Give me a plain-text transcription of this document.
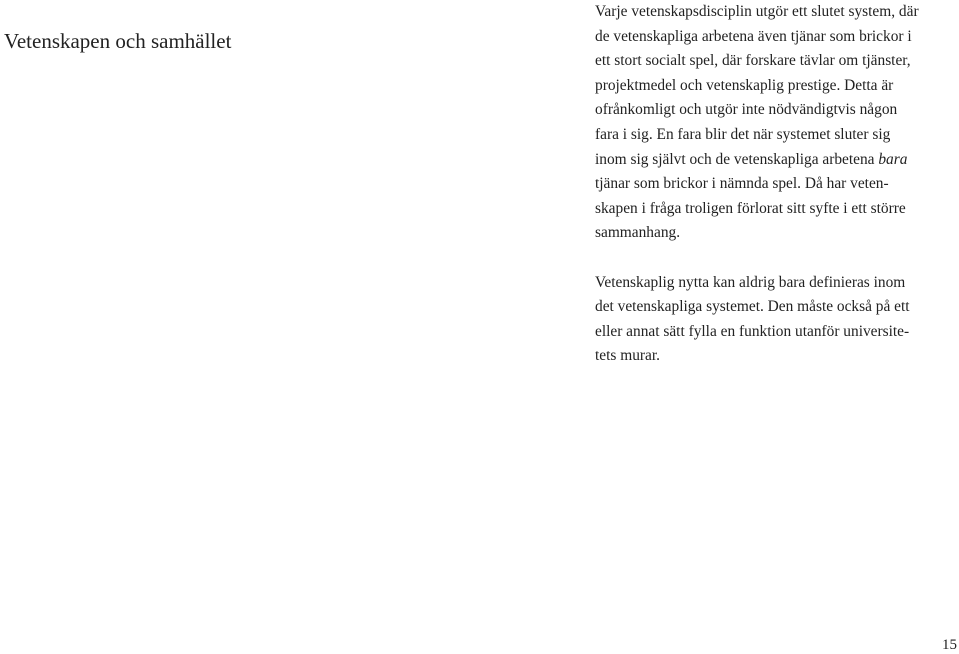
Vetenskapen och samhället

Varje vetenskapsdisciplin utgör ett slutet system, där
de vetenskapliga arbetena även tjänar som brickor i
ett stort socialt spel, där forskare tävlar om tjänster,
projektmedel och vetenskaplig prestige. Detta är
ofrånkomligt och utgör inte nödvändigtvis någon
fara i sig. En fara blir det när systemet sluter sig
inom sig självt och de vetenskapliga arbetena bara
tjänar som brickor i nämnda spel. Då har veten-
skapen i fråga troligen förlorat sitt syfte i ett större
sammanhang.

Vetenskaplig nytta kan aldrig bara definieras inom
det vetenskapliga systemet. Den måste också på ett
eller annat sätt fylla en funktion utanför universite-
tets murar.

15
